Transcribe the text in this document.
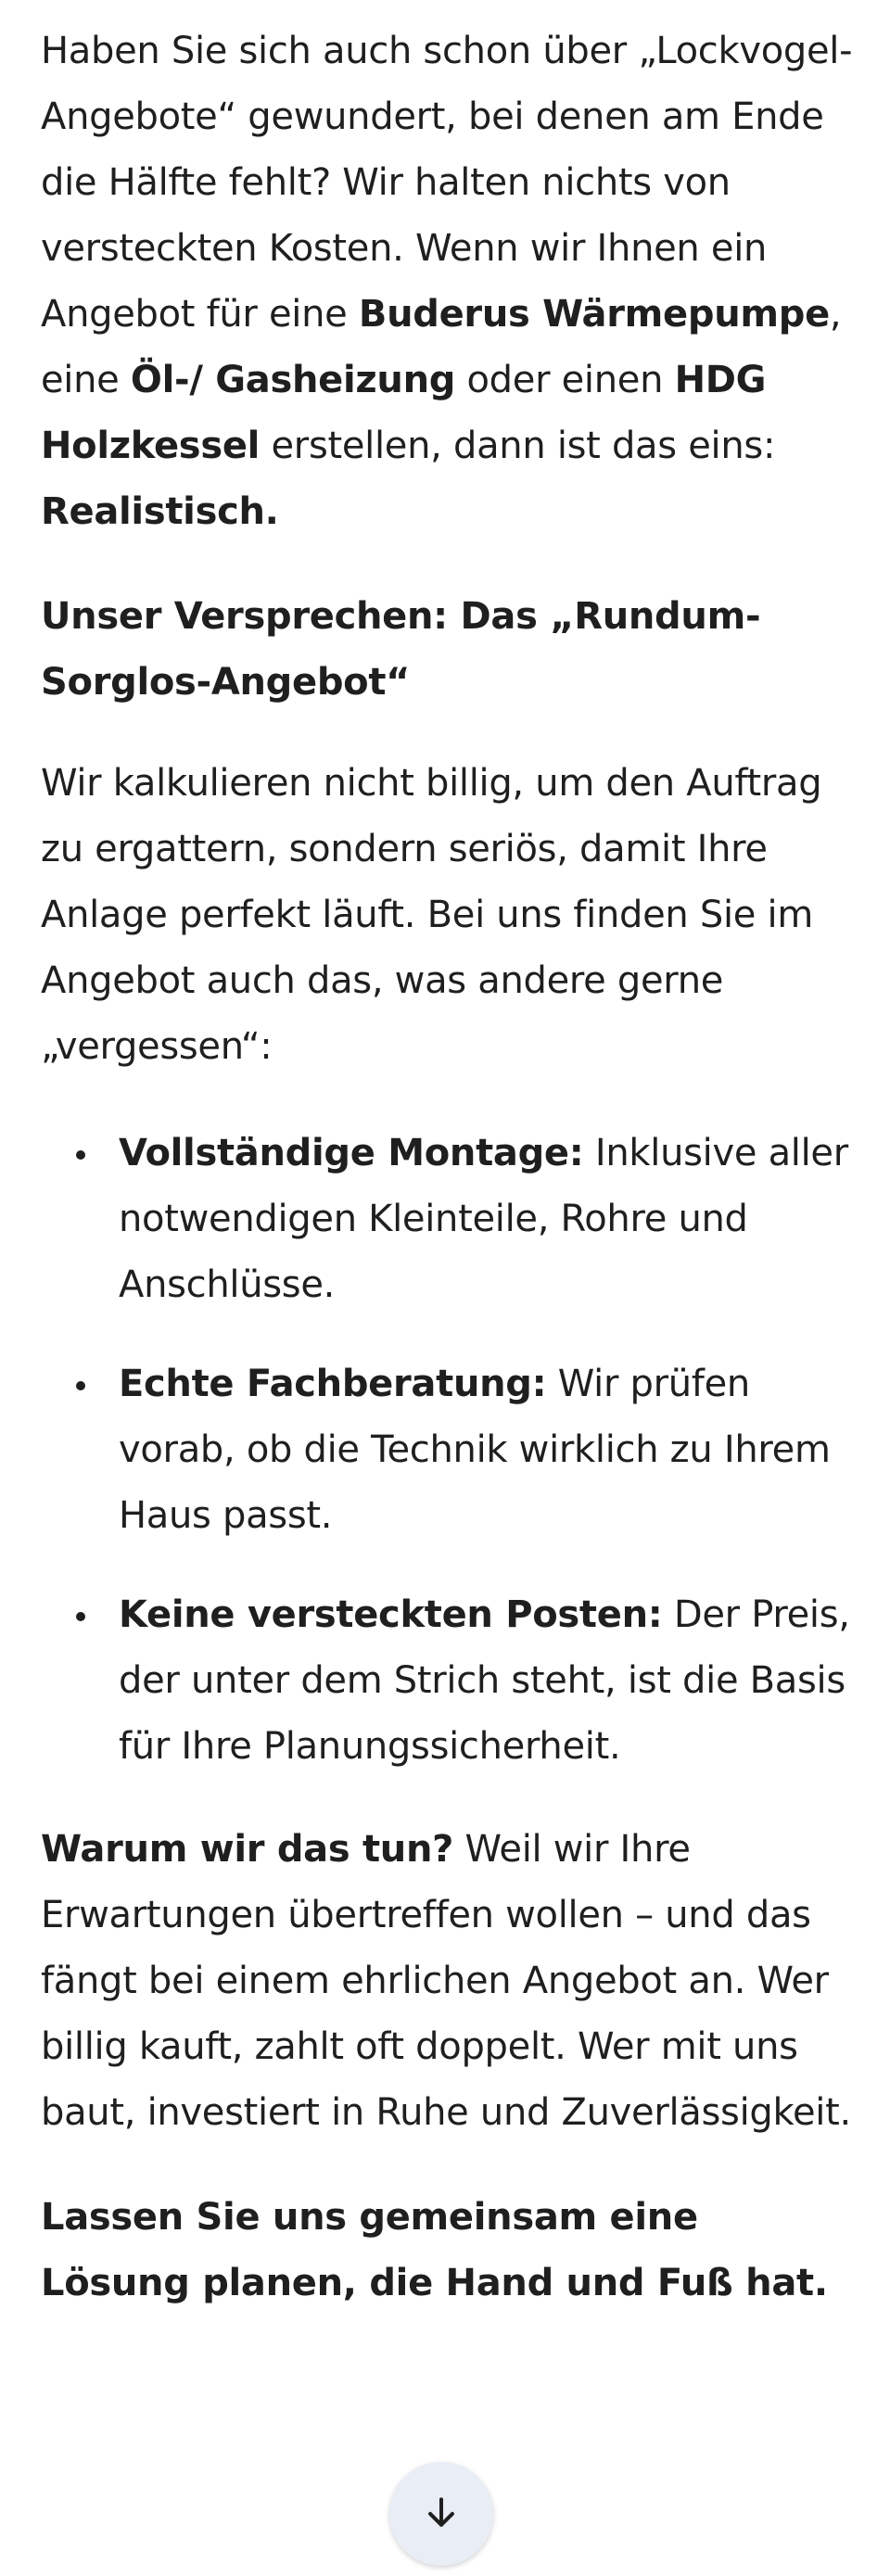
Haben Sie sich auch schon über „Lockvogel-Angebote“ gewundert, bei denen am Ende die Hälfte fehlt? Wir halten nichts von versteckten Kosten. Wenn wir Ihnen ein Angebot für eine Buderus Wärmepumpe, eine Öl-/ Gasheizung oder einen HDG Holzkessel erstellen, dann ist das eins: Realistisch.

Unser Versprechen: Das „Rundum-Sorglos-Angebot“

Wir kalkulieren nicht billig, um den Auftrag zu ergattern, sondern seriös, damit Ihre Anlage perfekt läuft. Bei uns finden Sie im Angebot auch das, was andere gerne „vergessen“:

Vollständige Montage: Inklusive aller notwendigen Kleinteile, Rohre und Anschlüsse.
Echte Fachberatung: Wir prüfen vorab, ob die Technik wirklich zu Ihrem Haus passt.
Keine versteckten Posten: Der Preis, der unter dem Strich steht, ist die Basis für Ihre Planungssicherheit.

Warum wir das tun? Weil wir Ihre Erwartungen übertreffen wollen – und das fängt bei einem ehrlichen Angebot an. Wer billig kauft, zahlt oft doppelt. Wer mit uns baut, investiert in Ruhe und Zuverlässigkeit.

Lassen Sie uns gemeinsam eine Lösung planen, die Hand und Fuß hat.
